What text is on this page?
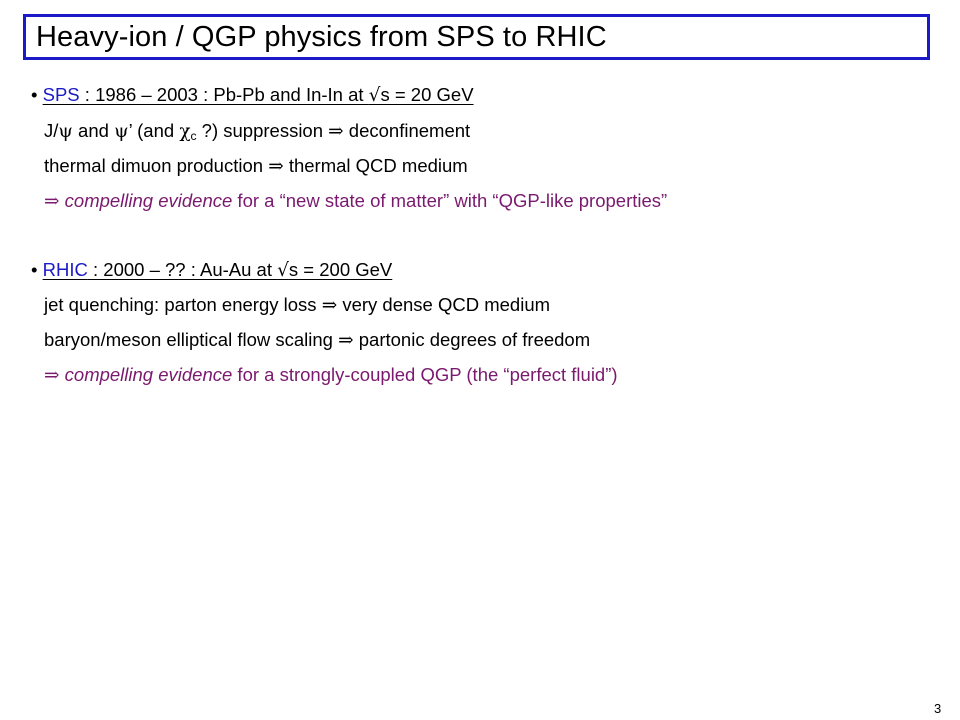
Heavy-ion / QGP physics from SPS to RHIC
• SPS : 1986 – 2003 : Pb-Pb and In-In at √s = 20 GeV
J/ψ and ψ’ (and $\chi_c$ ?) suppression ⇒ deconfinement
thermal dimuon production ⇒ thermal QCD medium
⇒ compelling evidence for a “new state of matter” with “QGP-like properties”
• RHIC : 2000 – ?? : Au-Au at √s = 200 GeV
jet quenching: parton energy loss ⇒ very dense QCD medium
baryon/meson elliptical flow scaling ⇒ partonic degrees of freedom
⇒ compelling evidence for a strongly-coupled QGP (the “perfect fluid”)
3
